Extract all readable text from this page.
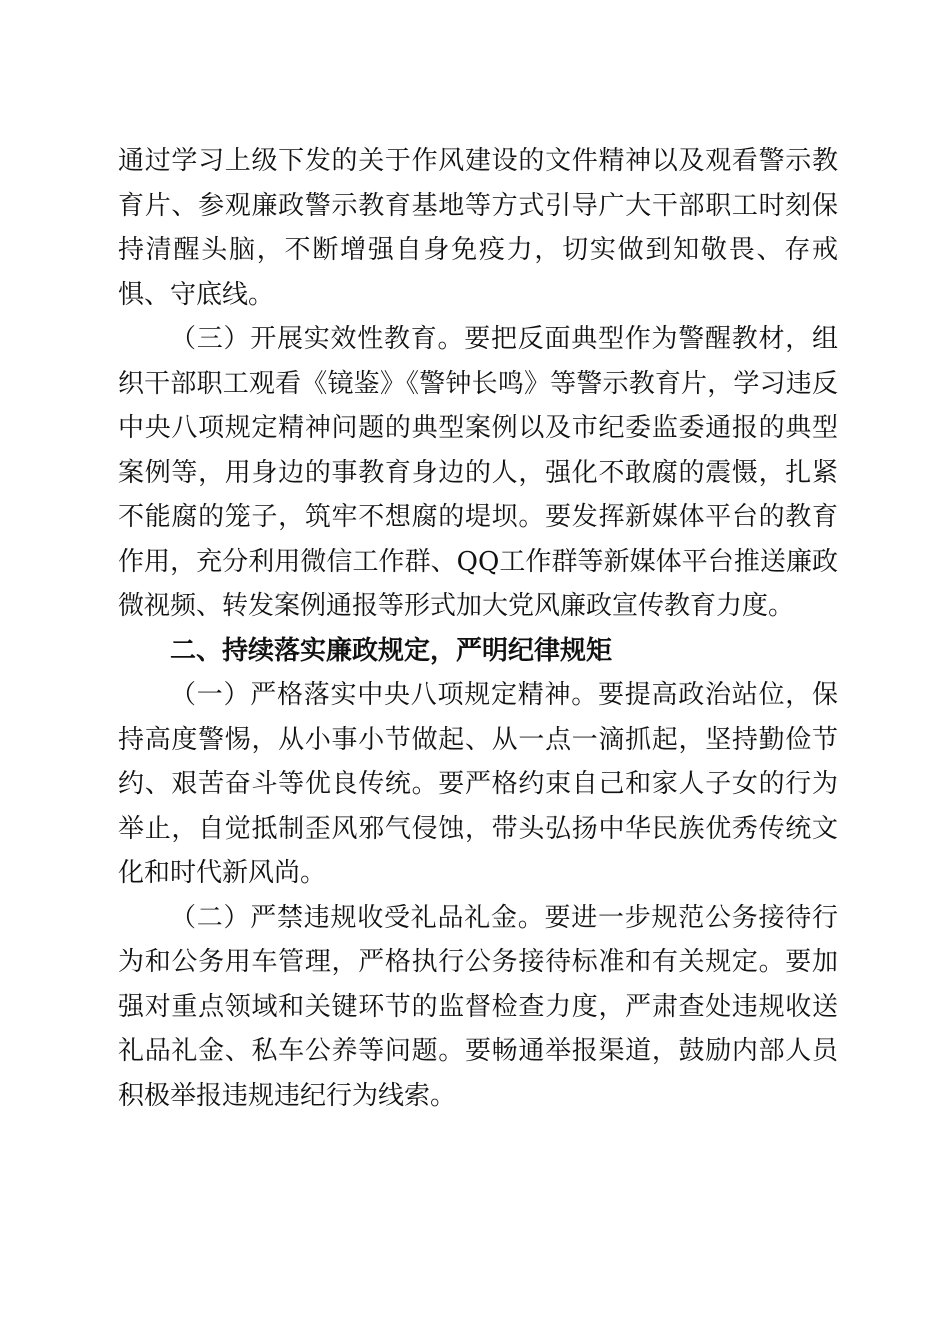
通过学习上级下发的关于作风建设的文件精神以及观看警示教育片、参观廉政警示教育基地等方式引导广大干部职工时刻保持清醒头脑，不断增强自身免疫力，切实做到知敬畏、存戒惧、守底线。

（三）开展实效性教育。要把反面典型作为警醒教材，组织干部职工观看《镜鉴》《警钟长鸣》等警示教育片，学习违反中央八项规定精神问题的典型案例以及市纪委监委通报的典型案例等，用身边的事教育身边的人，强化不敢腐的震慑，扎紧不能腐的笼子，筑牢不想腐的堤坝。要发挥新媒体平台的教育作用，充分利用微信工作群、QQ工作群等新媒体平台推送廉政微视频、转发案例通报等形式加大党风廉政宣传教育力度。

二、持续落实廉政规定，严明纪律规矩

（一）严格落实中央八项规定精神。要提高政治站位，保持高度警惕，从小事小节做起、从一点一滴抓起，坚持勤俭节约、艰苦奋斗等优良传统。要严格约束自己和家人子女的行为举止，自觉抵制歪风邪气侵蚀，带头弘扬中华民族优秀传统文化和时代新风尚。

（二）严禁违规收受礼品礼金。要进一步规范公务接待行为和公务用车管理，严格执行公务接待标准和有关规定。要加强对重点领域和关键环节的监督检查力度，严肃查处违规收送礼品礼金、私车公养等问题。要畅通举报渠道，鼓励内部人员积极举报违规违纪行为线索。
